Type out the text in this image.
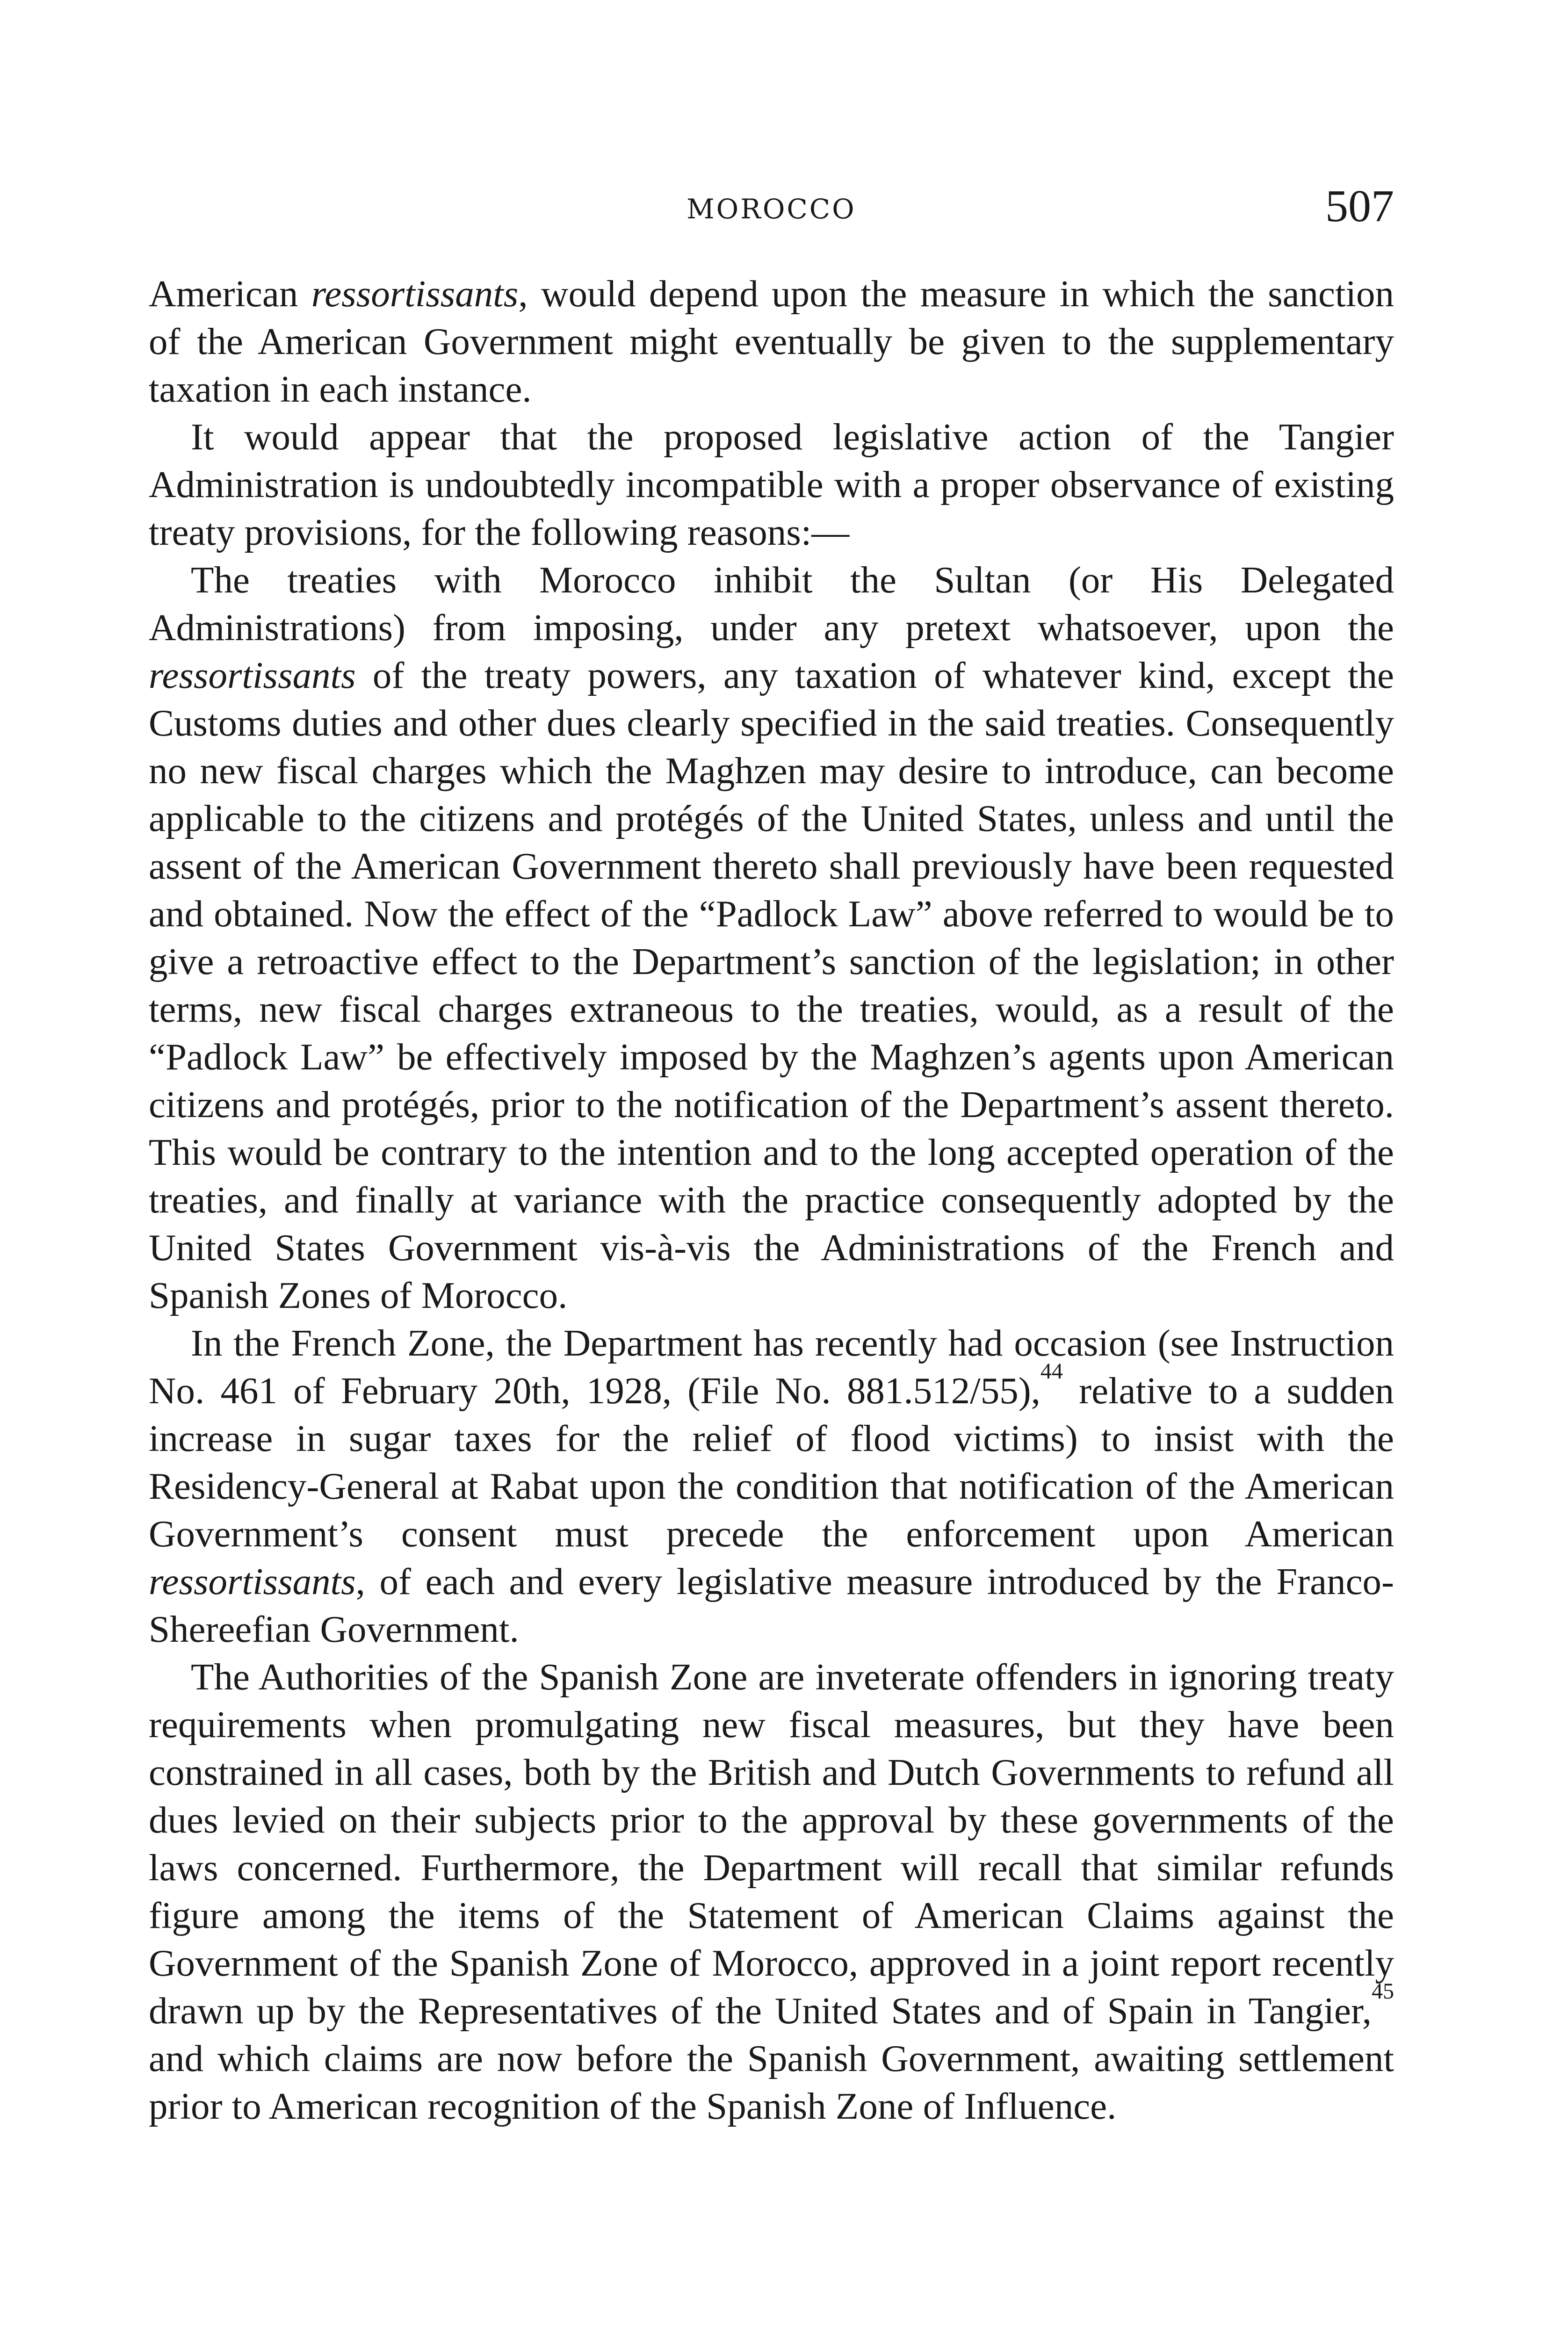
MOROCCO	507

American ressortissants, would depend upon the measure in which the sanction of the American Government might eventually be given to the supplementary taxation in each instance.

It would appear that the proposed legislative action of the Tangier Administration is undoubtedly incompatible with a proper observance of existing treaty provisions, for the following reasons:—

The treaties with Morocco inhibit the Sultan (or His Delegated Administrations) from imposing, under any pretext whatsoever, upon the ressortissants of the treaty powers, any taxation of whatever kind, except the Customs duties and other dues clearly specified in the said treaties. Consequently no new fiscal charges which the Maghzen may desire to introduce, can become applicable to the citizens and protégés of the United States, unless and until the assent of the American Government thereto shall previously have been requested and obtained. Now the effect of the “Padlock Law” above referred to would be to give a retroactive effect to the Department’s sanction of the legislation; in other terms, new fiscal charges extraneous to the treaties, would, as a result of the “Padlock Law” be effectively imposed by the Maghzen’s agents upon American citizens and protégés, prior to the notification of the Department’s assent thereto. This would be contrary to the intention and to the long accepted operation of the treaties, and finally at variance with the practice consequently adopted by the United States Government vis-à-vis the Administrations of the French and Spanish Zones of Morocco.

In the French Zone, the Department has recently had occasion (see Instruction No. 461 of February 20th, 1928, (File No. 881.512/55),$^{44}$ relative to a sudden increase in sugar taxes for the relief of flood victims) to insist with the Residency-General at Rabat upon the condition that notification of the American Government’s consent must precede the enforcement upon American ressortissants, of each and every legislative measure introduced by the Franco-Shereefian Government.

The Authorities of the Spanish Zone are inveterate offenders in ignoring treaty requirements when promulgating new fiscal measures, but they have been constrained in all cases, both by the British and Dutch Governments to refund all dues levied on their subjects prior to the approval by these governments of the laws concerned. Furthermore, the Department will recall that similar refunds figure among the items of the Statement of American Claims against the Government of the Spanish Zone of Morocco, approved in a joint report recently drawn up by the Representatives of the United States and of Spain in Tangier,$^{45}$ and which claims are now before the Spanish Government, awaiting settlement prior to American recognition of the Spanish Zone of Influence.
